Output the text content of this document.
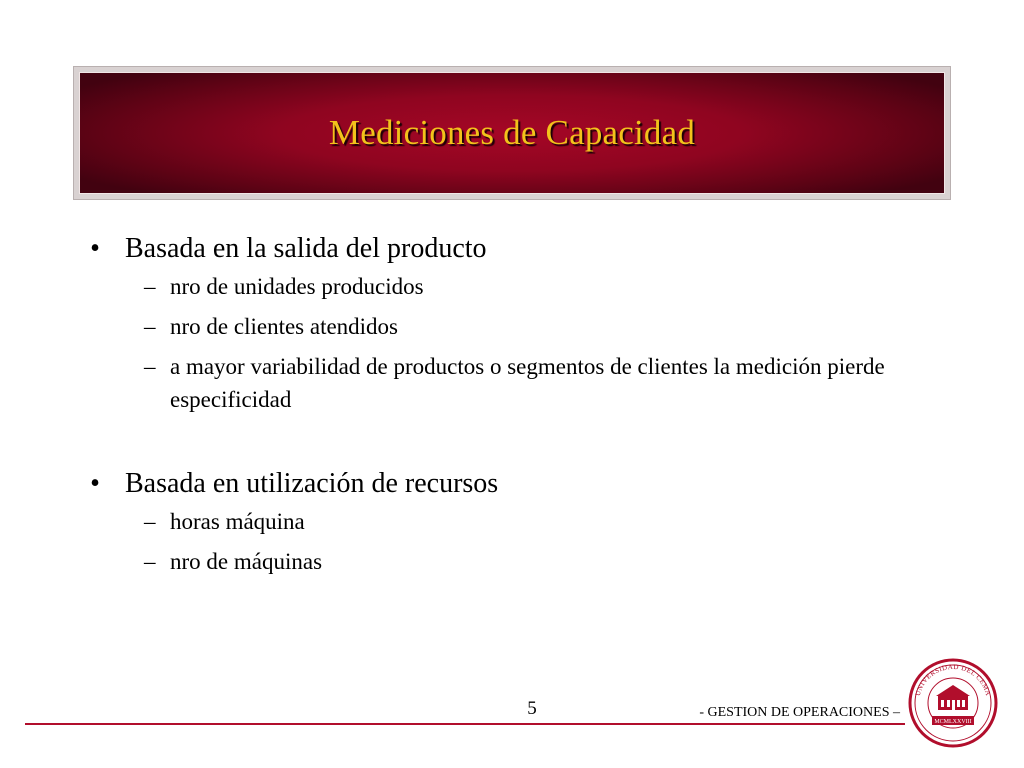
Mediciones de Capacidad
• Basada en la salida del producto
– nro de unidades producidos
– nro de clientes atendidos
– a mayor variabilidad de productos o segmentos de clientes la medición pierde especificidad
• Basada en utilización de recursos
– horas máquina
– nro de máquinas
5	- GESTION DE OPERACIONES –
UNIVERSIDAD DEL CEMA
MCMLXXVIII
